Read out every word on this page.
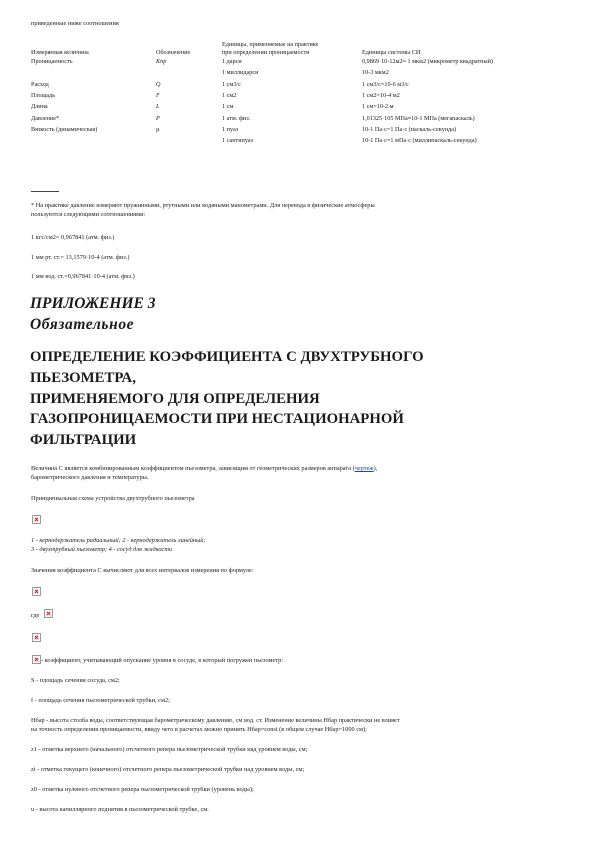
приведенные ниже соотношения
Измеряемая величина	Обозначение	Единицы, применяемые на практике при определении проницаемости	Единицы системы СИ
Проницаемость	Кпр	1 дарси	0,9869·10-12м2≈ 1 мкм2 (микрометр квадратный)
		1 миллидарси	10-3 мкм2
Расход	Q	1 см3/с	1 см3/с=10-6 м3/с
Площадь	F	1 см2	1 см2=10-4 м2
Длина	L	1 см	1 см=10-2 м
Давление*	P	1 атм. физ.	1,01325·105 МПа≈10-1 МПа (мегапаскаль)
Вязкость (динамическая)	µ	1 пуаз	10-1 Па·с=1 Па·с (паскаль-секунда)
		1 сантипуаз	10-1 Па·с=1 мПа·с (миллипаскаль-секунда)
* На практике давление измеряют пружинными, ртутными или водяными манометрами. Для перевода в физические атмосферы
пользуются следующими соотношениями:
1 кгс/см2= 0,967841 (атм. физ.)
1 мм рт. ст.= 13,1579·10-4 (атм. физ.)
1 мм вод. ст.=0,967841·10-4 (атм. физ.)
ПРИЛОЖЕНИЕ 3
Обязательное
ОПРЕДЕЛЕНИЕ КОЭФФИЦИЕНТА С ДВУХТРУБНОГО
ПЬЕЗОМЕТРА,
ПРИМЕНЯЕМОГО ДЛЯ ОПРЕДЕЛЕНИЯ
ГАЗОПРОНИЦАЕМОСТИ ПРИ НЕСТАЦИОНАРНОЙ
ФИЛЬТРАЦИИ
Величина С является комбинированным коэффициентом пьезометра, зависящим от геометрических размеров аппарата (чертеж),
барометрического давления и температуры.
Принципиальная схема устройства двухтрубного пьезометра
1 - кернодержатель радиальный; 2 - кернодержатель линейный;
3 - двухтрубный пьезометр; 4 - сосуд для жидкости
Значения коэффициента С вычисляют для всех интервалов измерения по формуле:
где
- коэффициент, учитывающий опускание уровня в сосуде, в который погружен пьезометр:
S - площадь сечения сосуда, см2;
f - площадь сечения пьезометрической трубки, см2;
Hбар - высота столба воды, соответствующая барометрическому давлению, см вод. ст. Изменение величины Hбар практически не влияет
на точность определения проницаемости, ввиду чего в расчетах можно принять Hбар=const (в общем случае Hбар=1000 см);
z1 - отметка верхнего (начального) отсчетного репера пьезометрической трубки над уровнем воды, см;
zi - отметка текущего (конечного) отсчетного репера пьезометрической трубки над уровнем воды, см;
z0 - отметка нулевого отсчетного репера пьезометрической трубки (уровень воды);
u - высота капиллярного поднятия в пьезометрической трубке, см.
